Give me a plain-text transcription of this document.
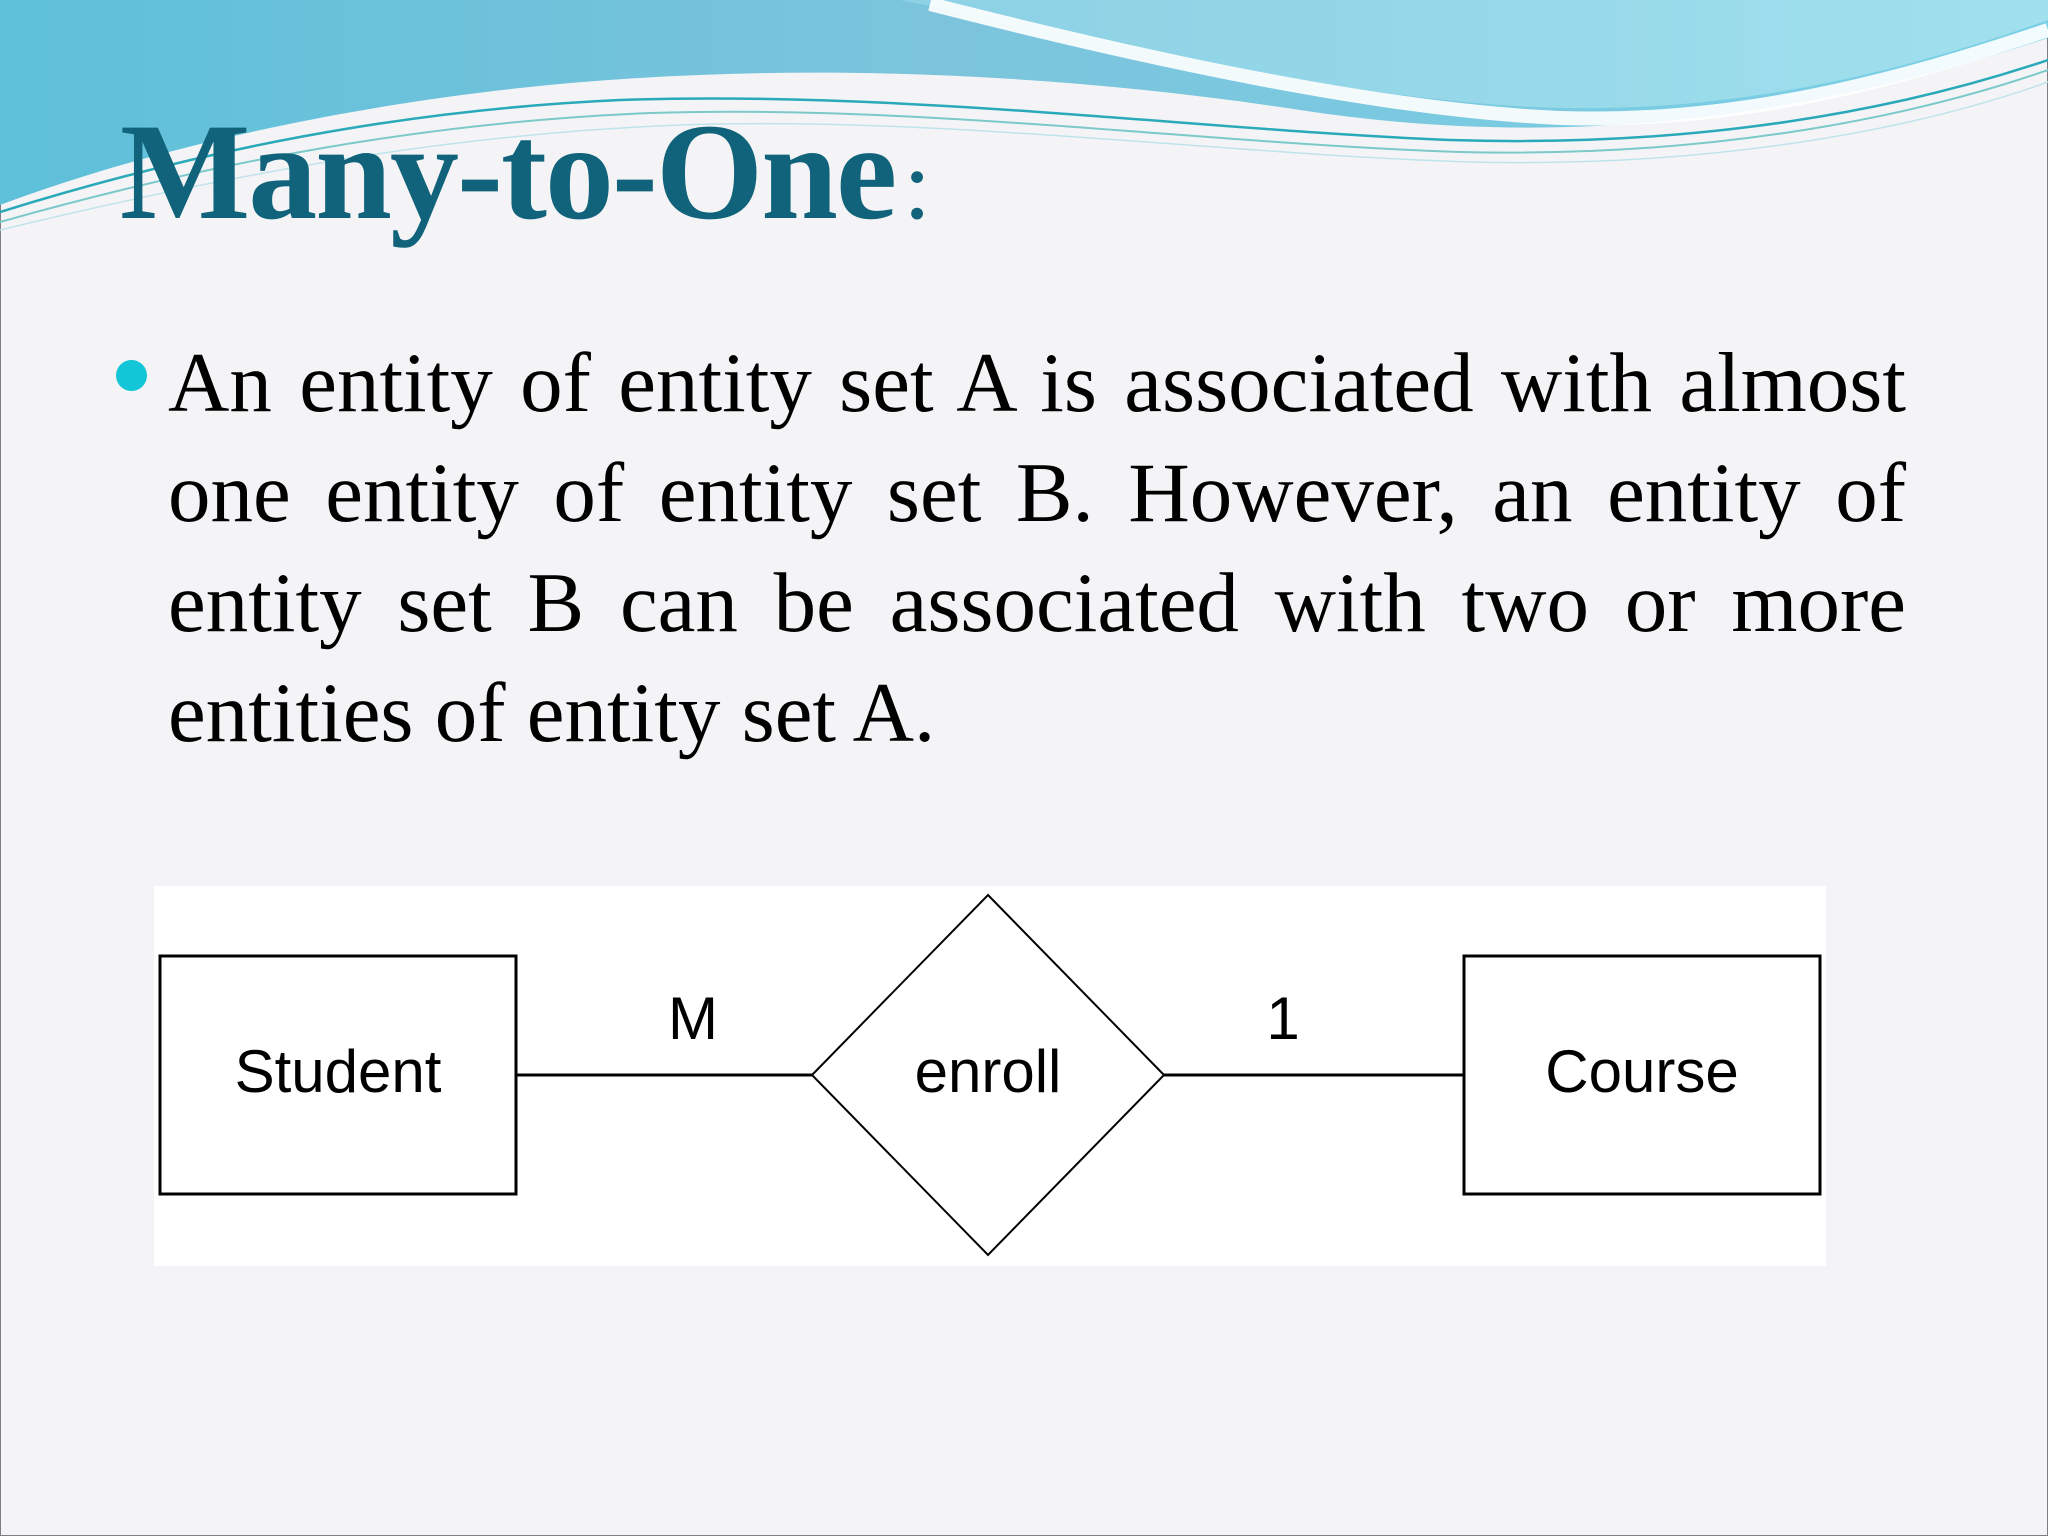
Many-to-One:

An entity of entity set A is associated with almost one entity of entity set B. However, an entity of entity set B can be associated with two or more entities of entity set A.

Student	enroll	Course
M	1
